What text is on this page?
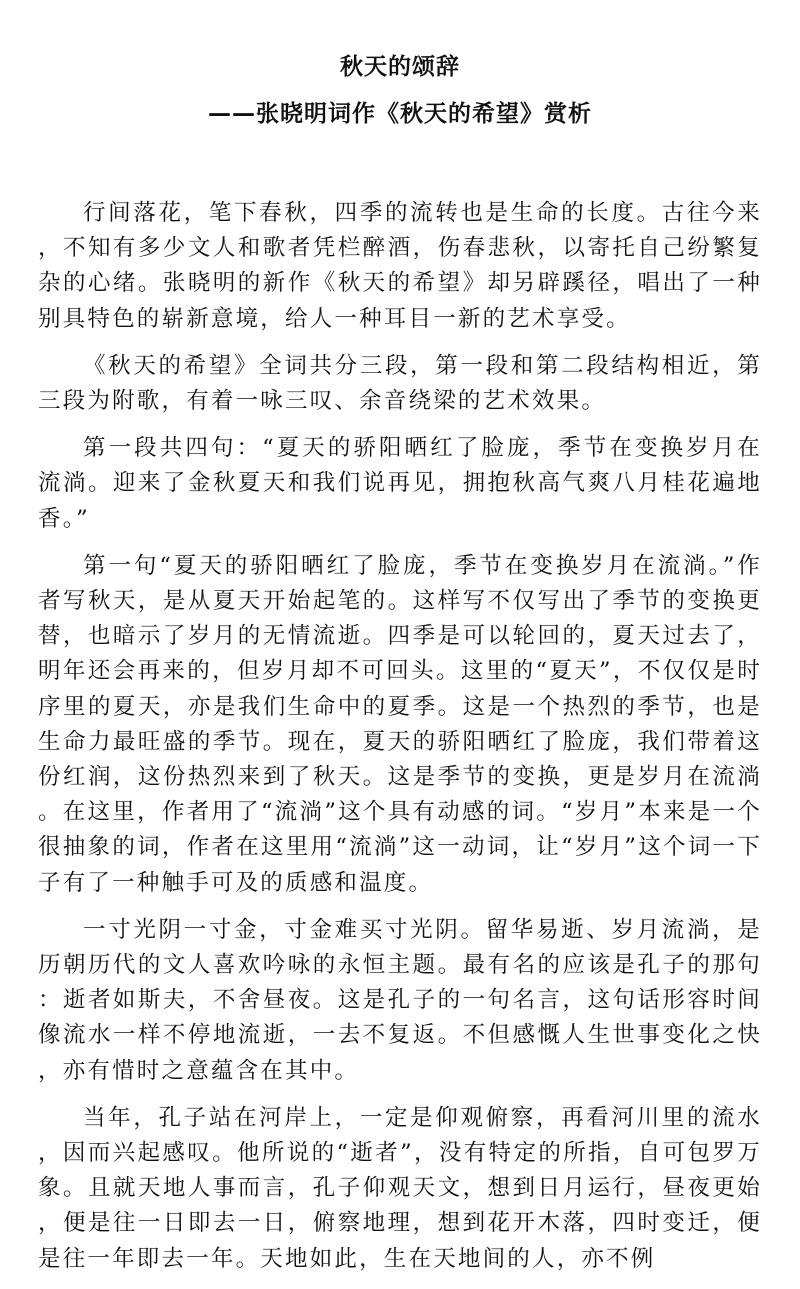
秋天的颂辞
——张晓明词作《秋天的希望》赏析

行间落花，笔下春秋，四季的流转也是生命的长度。古往今来，不知有多少文人和歌者凭栏醉酒，伤春悲秋，以寄托自己纷繁复杂的心绪。张晓明的新作《秋天的希望》却另辟蹊径，唱出了一种别具特色的崭新意境，给人一种耳目一新的艺术享受。

《秋天的希望》全词共分三段，第一段和第二段结构相近，第三段为附歌，有着一咏三叹、余音绕梁的艺术效果。

第一段共四句：“夏天的骄阳晒红了脸庞，季节在变换岁月在流淌。迎来了金秋夏天和我们说再见，拥抱秋高气爽八月桂花遍地香。”

第一句“夏天的骄阳晒红了脸庞，季节在变换岁月在流淌。”作者写秋天，是从夏天开始起笔的。这样写不仅写出了季节的变换更替，也暗示了岁月的无情流逝。四季是可以轮回的，夏天过去了，明年还会再来的，但岁月却不可回头。这里的“夏天”，不仅仅是时序里的夏天，亦是我们生命中的夏季。这是一个热烈的季节，也是生命力最旺盛的季节。现在，夏天的骄阳晒红了脸庞，我们带着这份红润，这份热烈来到了秋天。这是季节的变换，更是岁月在流淌。在这里，作者用了“流淌”这个具有动感的词。“岁月”本来是一个很抽象的词，作者在这里用“流淌”这一动词，让“岁月”这个词一下子有了一种触手可及的质感和温度。

一寸光阴一寸金，寸金难买寸光阴。留华易逝、岁月流淌，是历朝历代的文人喜欢吟咏的永恒主题。最有名的应该是孔子的那句：逝者如斯夫，不舍昼夜。这是孔子的一句名言，这句话形容时间像流水一样不停地流逝，一去不复返。不但感慨人生世事变化之快，亦有惜时之意蕴含在其中。

当年，孔子站在河岸上，一定是仰观俯察，再看河川里的流水，因而兴起感叹。他所说的“逝者”，没有特定的所指，自可包罗万象。且就天地人事而言，孔子仰观天文，想到日月运行，昼夜更始，便是往一日即去一日，俯察地理，想到花开木落，四时变迁，便是往一年即去一年。天地如此，生在天地间的人，亦不例
